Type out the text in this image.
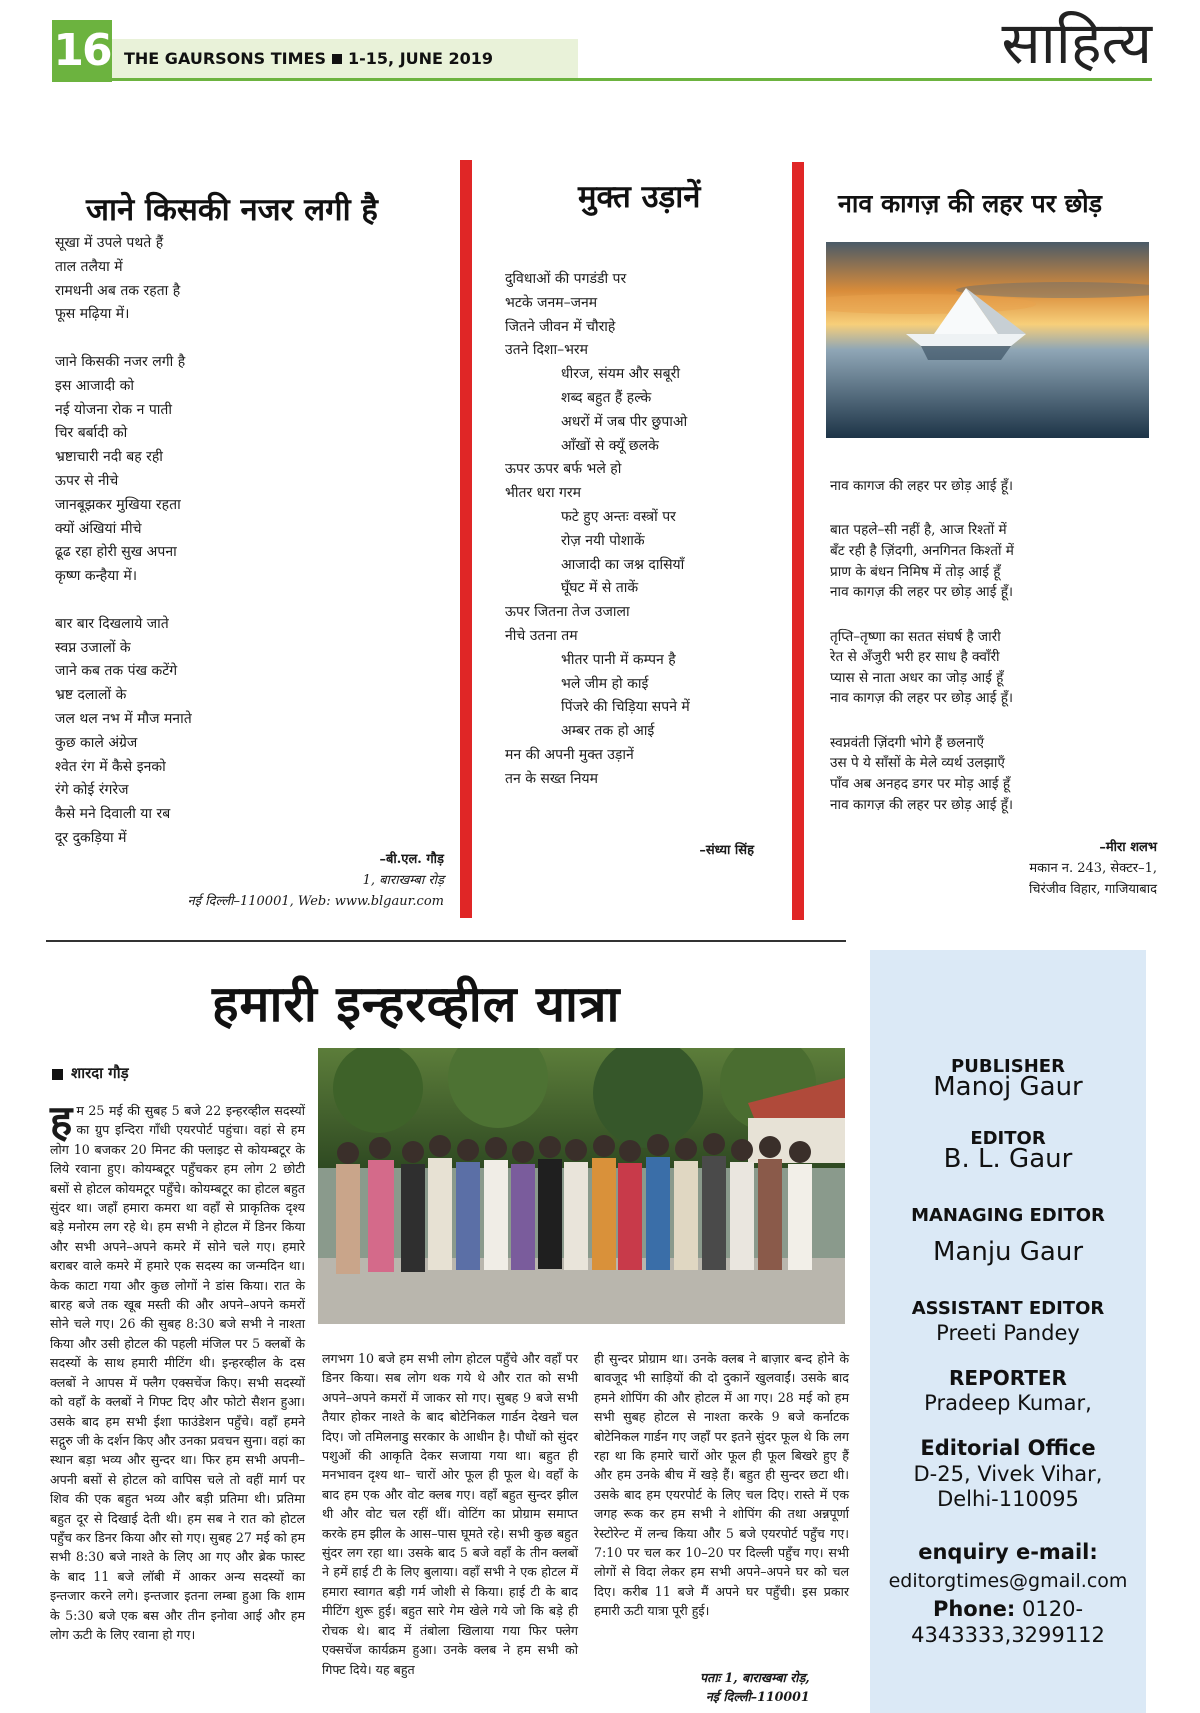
16 THE GAURSONS TIMES 1-15, JUNE 2019	साहित्य
जाने किसकी नजर लगी है
सूखा में उपले पथते हैं
ताल तलैया में
रामधनी अब तक रहता है
फूस मढ़िया में।
जाने किसकी नजर लगी है
इस आजादी को
नई योजना रोक न पाती
चिर बर्बादी को
भ्रष्टाचारी नदी बह रही
ऊपर से नीचे
जानबूझकर मुखिया रहता
क्यों अंखियां मीचे
ढूढ रहा होरी सुख अपना
कृष्ण कन्हैया में।
बार बार दिखलाये जाते
स्वप्न उजालों के
जाने कब तक पंख कटेंगे
भ्रष्ट दलालों के
जल थल नभ में मौज मनाते
कुछ काले अंग्रेज
श्वेत रंग में कैसे इनको
रंगे कोई रंगरेज
कैसे मने दिवाली या रब
दूर दुकड़िया में
–बी.एल. गौड़
1, बाराखम्बा रोड़
नई दिल्ली–110001, Web: www.blgaur.com
मुक्त उड़ानें
दुविधाओं की पगडंडी पर
भटके जनम–जनम
जितने जीवन में चौराहे
उतने दिशा–भरम
धीरज, संयम और सबूरी
शब्द बहुत हैं हल्के
अधरों में जब पीर छुपाओ
आँखों से क्यूँ छलके
ऊपर ऊपर बर्फ भले हो
भीतर धरा गरम
फटे हुए अन्तः वस्त्रों पर
रोज़ नयी पोशाकें
आजादी का जश्न दासियाँ
घूँघट में से ताकें
ऊपर जितना तेज उजाला
नीचे उतना तम
भीतर पानी में कम्पन है
भले जीम हो काई
पिंजरे की चिड़िया सपने में
अम्बर तक हो आई
मन की अपनी मुक्त उड़ानें
तन के सख्त नियम
–संध्या सिंह
नाव कागज़ की लहर पर छोड़
नाव कागज की लहर पर छोड़ आई हूँ।
बात पहले–सी नहीं है, आज रिश्तों में
बँट रही है ज़िंदगी, अनगिनत किश्तों में
प्राण के बंधन निमिष में तोड़ आई हूँ
नाव कागज़ की लहर पर छोड़ आई हूँ।
तृप्ति–तृष्णा का सतत संघर्ष है जारी
रेत से अँजुरी भरी हर साध है क्वाँरी
प्यास से नाता अधर का जोड़ आई हूँ
नाव कागज़ की लहर पर छोड़ आई हूँ।
स्वप्नवंती ज़िंदगी भोगे हैं छलनाएँ
उस पे ये साँसों के मेले व्यर्थ उलझाएँ
पाँव अब अनहद डगर पर मोड़ आई हूँ
नाव कागज़ की लहर पर छोड़ आई हूँ।
–मीरा शलभ
मकान न. 243, सेक्टर–1,
चिरंजीव विहार, गाजियाबाद
हमारी इन्हरव्हील यात्रा
शारदा गौड़
हम 25 मई की सुबह 5 बजे 22 इन्हरव्हील सदस्यों का ग्रुप इन्दिरा गाँधी एयरपोर्ट पहुंचा। वहां से हम लोग 10 बजकर 20 मिनट की फ्लाइट से कोयम्बटूर के लिये रवाना हुए। कोयम्बटूर पहुँचकर हम लोग 2 छोटी बसों से होटल कोयमटूर पहुँचे। कोयम्बटूर का होटल बहुत सुंदर था। जहाँ हमारा कमरा था वहाँ से प्राकृतिक दृश्य बड़े मनोरम लग रहे थे। हम सभी ने होटल में डिनर किया और सभी अपने–अपने कमरे में सोने चले गए। हमारे बराबर वाले कमरे में हमारे एक सदस्य का जन्मदिन था। केक काटा गया और कुछ लोगों ने डांस किया। रात के बारह बजे तक खूब मस्ती की और अपने–अपने कमरों सोने चले गए। 26 की सुबह 8:30 बजे सभी ने नाश्ता किया और उसी होटल की पहली मंजिल पर 5 क्लबों के सदस्यों के साथ हमारी मीटिंग थी। इन्हरव्हील के दस क्लबों ने आपस में फ्लैग एक्सचेंज किए। सभी सदस्यों को वहाँ के क्लबों ने गिफ्ट दिए और फोटो सैशन हुआ। उसके बाद हम सभी ईशा फाउंडेशन पहुँचे। वहाँ हमने सद्गुरु जी के दर्शन किए और उनका प्रवचन सुना। वहां का स्थान बड़ा भव्य और सुन्दर था। फिर हम सभी अपनी–अपनी बसों से होटल को वापिस चले तो वहीं मार्ग पर शिव की एक बहुत भव्य और बड़ी प्रतिमा थी। प्रतिमा बहुत दूर से दिखाई देती थी। हम सब ने रात को होटल पहुँच कर डिनर किया और सो गए। सुबह 27 मई को हम सभी 8:30 बजे नाश्ते के लिए आ गए और ब्रेक फास्ट के बाद 11 बजे लॉबी में आकर अन्य सदस्यों का इन्तजार करने लगे। इन्तजार इतना लम्बा हुआ कि शाम के 5:30 बजे एक बस और तीन इनोवा आई और हम लोग ऊटी के लिए रवाना हो गए।
लगभग 10 बजे हम सभी लोग होटल पहुँचे और वहाँ पर डिनर किया। सब लोग थक गये थे और रात को सभी अपने–अपने कमरों में जाकर सो गए। सुबह 9 बजे सभी तैयार होकर नाश्ते के बाद बोटेनिकल गार्डन देखने चल दिए। जो तमिलनाडु सरकार के आधीन है। पौधों को सुंदर पशुओं की आकृति देकर सजाया गया था। बहुत ही मनभावन दृश्य था– चारों ओर फूल ही फूल थे। वहाँ के बाद हम एक और वोट क्लब गए। वहाँ बहुत सुन्दर झील थी और वोट चल रहीं थीं। वोटिंग का प्रोग्राम समाप्त करके हम झील के आस–पास घूमते रहे। सभी कुछ बहुत सुंदर लग रहा था। उसके बाद 5 बजे वहाँ के तीन क्लबों ने हमें हाई टी के लिए बुलाया। वहाँ सभी ने एक होटल में हमारा स्वागत बड़ी गर्म जोशी से किया। हाई टी के बाद मीटिंग शुरू हुई। बहुत सारे गेम खेले गये जो कि बड़े ही रोचक थे। बाद में तंबोला खिलाया गया फिर फ्लेग एक्सचेंज कार्यक्रम हुआ। उनके क्लब ने हम सभी को गिफ्ट दिये। यह बहुत
ही सुन्दर प्रोग्राम था। उनके क्लब ने बाज़ार बन्द होने के बावजूद भी साड़ियों की दो दुकानें खुलवाईं। उसके बाद हमने शोपिंग की और होटल में आ गए। 28 मई को हम सभी सुबह होटल से नाश्ता करके 9 बजे कर्नाटक बोटेनिकल गार्डन गए जहाँ पर इतने सुंदर फूल थे कि लग रहा था कि हमारे चारों ओर फूल ही फूल बिखरे हुए हैं और हम उनके बीच में खड़े हैं। बहुत ही सुन्दर छटा थी। उसके बाद हम एयरपोर्ट के लिए चल दिए। रास्ते में एक जगह रूक कर हम सभी ने शोपिंग की तथा अन्नपूर्णा रेस्टोरेन्ट में लन्च किया और 5 बजे एयरपोर्ट पहुँच गए। 7:10 पर चल कर 10–20 पर दिल्ली पहुँच गए। सभी लोगों से विदा लेकर हम सभी अपने–अपने घर को चल दिए। करीब 11 बजे मैं अपने घर पहुँची। इस प्रकार हमारी ऊटी यात्रा पूरी हुई।
पताः 1, बाराखम्बा रोड़,
नई दिल्ली–110001
PUBLISHER
Manoj Gaur
EDITOR
B. L. Gaur
MANAGING EDITOR
Manju Gaur
ASSISTANT EDITOR
Preeti Pandey
REPORTER
Pradeep Kumar,
Editorial Office
D-25, Vivek Vihar,
Delhi-110095
enquiry e-mail:
editorgtimes@gmail.com
Phone: 0120-
4343333,3299112
